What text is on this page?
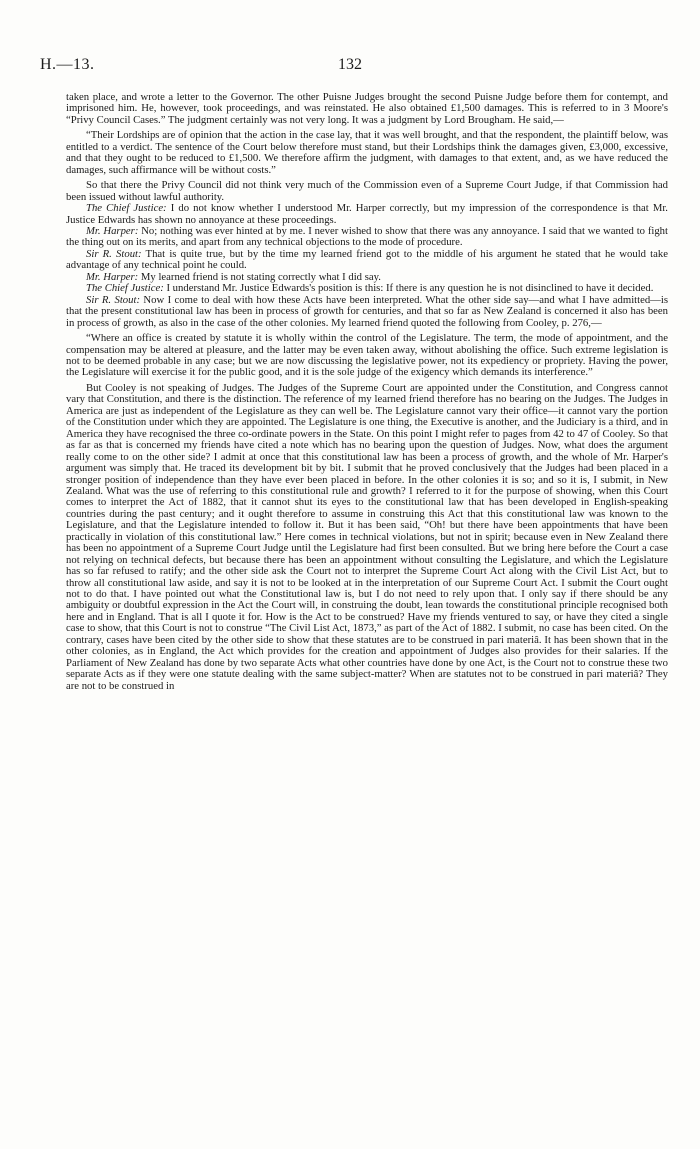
H.—13.	132

taken place, and wrote a letter to the Governor. The other Puisne Judges brought the second Puisne Judge before them for contempt, and imprisoned him. He, however, took proceedings, and was reinstated. He also obtained £1,500 damages. This is referred to in 3 Moore's “Privy Council Cases.” The judgment certainly was not very long. It was a judgment by Lord Brougham. He said,—

“Their Lordships are of opinion that the action in the case lay, that it was well brought, and that the respondent, the plaintiff below, was entitled to a verdict. The sentence of the Court below therefore must stand, but their Lordships think the damages given, £3,000, excessive, and that they ought to be reduced to £1,500. We therefore affirm the judgment, with damages to that extent, and, as we have reduced the damages, such affirmance will be without costs.”

So that there the Privy Council did not think very much of the Commission even of a Supreme Court Judge, if that Commission had been issued without lawful authority.

The Chief Justice: I do not know whether I understood Mr. Harper correctly, but my impression of the correspondence is that Mr. Justice Edwards has shown no annoyance at these proceedings.

Mr. Harper: No; nothing was ever hinted at by me. I never wished to show that there was any annoyance. I said that we wanted to fight the thing out on its merits, and apart from any technical objections to the mode of procedure.

Sir R. Stout: That is quite true, but by the time my learned friend got to the middle of his argument he stated that he would take advantage of any technical point he could.

Mr. Harper: My learned friend is not stating correctly what I did say.

The Chief Justice: I understand Mr. Justice Edwards's position is this: If there is any question he is not disinclined to have it decided.

Sir R. Stout: Now I come to deal with how these Acts have been interpreted. What the other side say—and what I have admitted—is that the present constitutional law has been in process of growth for centuries, and that so far as New Zealand is concerned it also has been in process of growth, as also in the case of the other colonies. My learned friend quoted the following from Cooley, p. 276,—

“Where an office is created by statute it is wholly within the control of the Legislature. The term, the mode of appointment, and the compensation may be altered at pleasure, and the latter may be even taken away, without abolishing the office. Such extreme legislation is not to be deemed probable in any case; but we are now discussing the legislative power, not its expediency or propriety. Having the power, the Legislature will exercise it for the public good, and it is the sole judge of the exigency which demands its interference.”

But Cooley is not speaking of Judges. The Judges of the Supreme Court are appointed under the Constitution, and Congress cannot vary that Constitution, and there is the distinction. The reference of my learned friend therefore has no bearing on the Judges. The Judges in America are just as independent of the Legislature as they can well be. The Legislature cannot vary their office—it cannot vary the portion of the Constitution under which they are appointed. The Legislature is one thing, the Executive is another, and the Judiciary is a third, and in America they have recognised the three co-ordinate powers in the State. On this point I might refer to pages from 42 to 47 of Cooley. So that as far as that is concerned my friends have cited a note which has no bearing upon the question of Judges. Now, what does the argument really come to on the other side? I admit at once that this constitutional law has been a process of growth, and the whole of Mr. Harper's argument was simply that. He traced its development bit by bit. I submit that he proved conclusively that the Judges had been placed in a stronger position of independence than they have ever been placed in before. In the other colonies it is so; and so it is, I submit, in New Zealand. What was the use of referring to this constitutional rule and growth? I referred to it for the purpose of showing, when this Court comes to interpret the Act of 1882, that it cannot shut its eyes to the constitutional law that has been developed in English-speaking countries during the past century; and it ought therefore to assume in construing this Act that this constitutional law was known to the Legislature, and that the Legislature intended to follow it. But it has been said, “Oh! but there have been appointments that have been practically in violation of this constitutional law.” Here comes in technical violations, but not in spirit; because even in New Zealand there has been no appointment of a Supreme Court Judge until the Legislature had first been consulted. But we bring here before the Court a case not relying on technical defects, but because there has been an appointment without consulting the Legislature, and which the Legislature has so far refused to ratify; and the other side ask the Court not to interpret the Supreme Court Act along with the Civil List Act, but to throw all constitutional law aside, and say it is not to be looked at in the interpretation of our Supreme Court Act. I submit the Court ought not to do that. I have pointed out what the Constitutional law is, but I do not need to rely upon that. I only say if there should be any ambiguity or doubtful expression in the Act the Court will, in construing the doubt, lean towards the constitutional principle recognised both here and in England. That is all I quote it for. How is the Act to be construed? Have my friends ventured to say, or have they cited a single case to show, that this Court is not to construe “The Civil List Act, 1873,” as part of the Act of 1882. I submit, no case has been cited. On the contrary, cases have been cited by the other side to show that these statutes are to be construed in pari materiâ. It has been shown that in the other colonies, as in England, the Act which provides for the creation and appointment of Judges also provides for their salaries. If the Parliament of New Zealand has done by two separate Acts what other countries have done by one Act, is the Court not to construe these two separate Acts as if they were one statute dealing with the same subject-matter? When are statutes not to be construed in pari materiâ? They are not to be construed in
